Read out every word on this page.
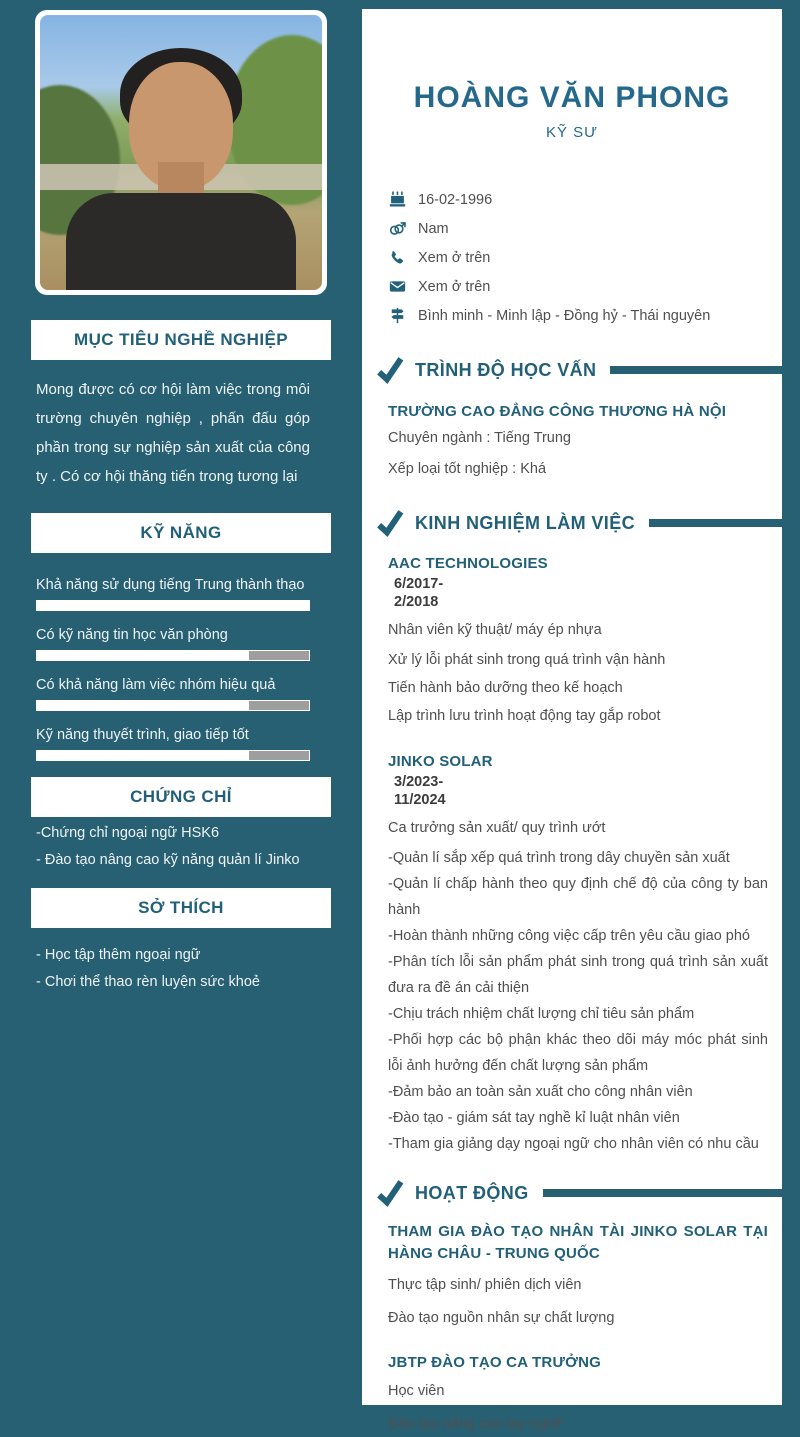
MỤC TIÊU NGHỀ NGHIỆP

Mong được có cơ hội làm việc trong môi trường chuyên nghiệp , phấn đấu góp phần trong sự nghiệp sản xuất của công ty . Có cơ hội thăng tiến trong tương lại

KỸ NĂNG
Khả năng sử dụng tiếng Trung thành thạo
Có kỹ năng tin học văn phòng
Có khả năng làm việc nhóm hiệu quả
Kỹ năng thuyết trình, giao tiếp tốt
CHỨNG CHỈ
-Chứng chỉ ngoại ngữ HSK6
- Đào tạo nâng cao kỹ năng quản lí Jinko
SỞ THÍCH
- Học tập thêm ngoại ngữ
- Chơi thể thao rèn luyện sức khoẻ
HOÀNG VĂN PHONG
KỸ SƯ
16-02-1996
Nam
Xem ở trên
Xem ở trên
Bình minh - Minh lập - Đồng hỷ - Thái nguyên
TRÌNH ĐỘ HỌC VẤN
TRƯỜNG CAO ĐẲNG CÔNG THƯƠNG HÀ NỘI
Chuyên ngành : Tiếng Trung
Xếp loại tốt nghiệp : Khá
KINH NGHIỆM LÀM VIỆC
AAC TECHNOLOGIES
6/2017-
2/2018
Nhân viên kỹ thuật/ máy ép nhựa

Xử lý lỗi phát sinh trong quá trình vận hành

Tiến hành bảo dưỡng theo kế hoạch

Lập trình lưu trình hoạt động tay gắp robot

JINKO SOLAR
3/2023-
11/2024
Ca trưởng sản xuất/ quy trình ướt

-Quản lí sắp xếp quá trình trong dây chuyền sản xuất

-Quản lí chấp hành theo quy định chế độ của công ty ban hành

-Hoàn thành những công việc cấp trên yêu cầu giao phó

-Phân tích lỗi sản phẩm phát sinh trong quá trình sản xuất đưa ra đề án cải thiện

-Chịu trách nhiệm chất lượng chỉ tiêu sản phẩm

-Phối hợp các bộ phận khác theo dõi máy móc phát sinh lỗi ảnh hưởng đến chất lượng sản phẩm

-Đảm bảo an toàn sản xuất cho công nhân viên

-Đào tạo - giám sát tay nghề kỉ luật nhân viên

-Tham gia giảng dạy ngoại ngữ cho nhân viên có nhu cầu

HOẠT ĐỘNG
THAM GIA ĐÀO TẠO NHÂN TÀI JINKO SOLAR TẠI HÀNG CHÂU - TRUNG QUỐC
Thực tập sinh/ phiên dịch viên
Đào tạo nguồn nhân sự chất lượng
JBTP ĐÀO TẠO CA TRƯỞNG
Học viên
Đào tạo nâng cao tay nghề
